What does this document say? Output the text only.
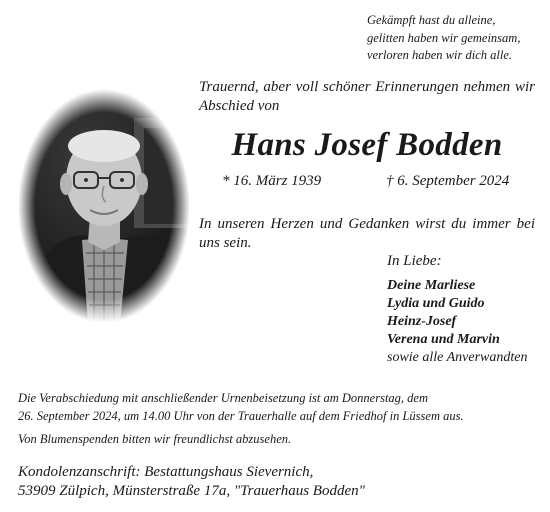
Gekämpft hast du alleine,
gelitten haben wir gemeinsam,
verloren haben wir dich alle.
Trauernd, aber voll schöner Erinnerungen nehmen wir Abschied von
Hans Josef Bodden
* 16. März 1939	† 6. September 2024
In unseren Herzen und Gedanken wirst du immer bei uns sein.
In Liebe:
Deine Marliese
Lydia und Guido
Heinz-Josef
Verena und Marvin
sowie alle Anverwandten
Die Verabschiedung mit anschließender Urnenbeisetzung ist am Donnerstag, dem
26. September 2024, um 14.00 Uhr von der Trauerhalle auf dem Friedhof in Lüssem aus.
Von Blumenspenden bitten wir freundlichst abzusehen.
Kondolenzanschrift: Bestattungshaus Sievernich,
53909 Zülpich, Münsterstraße 17a, "Trauerhaus Bodden"
